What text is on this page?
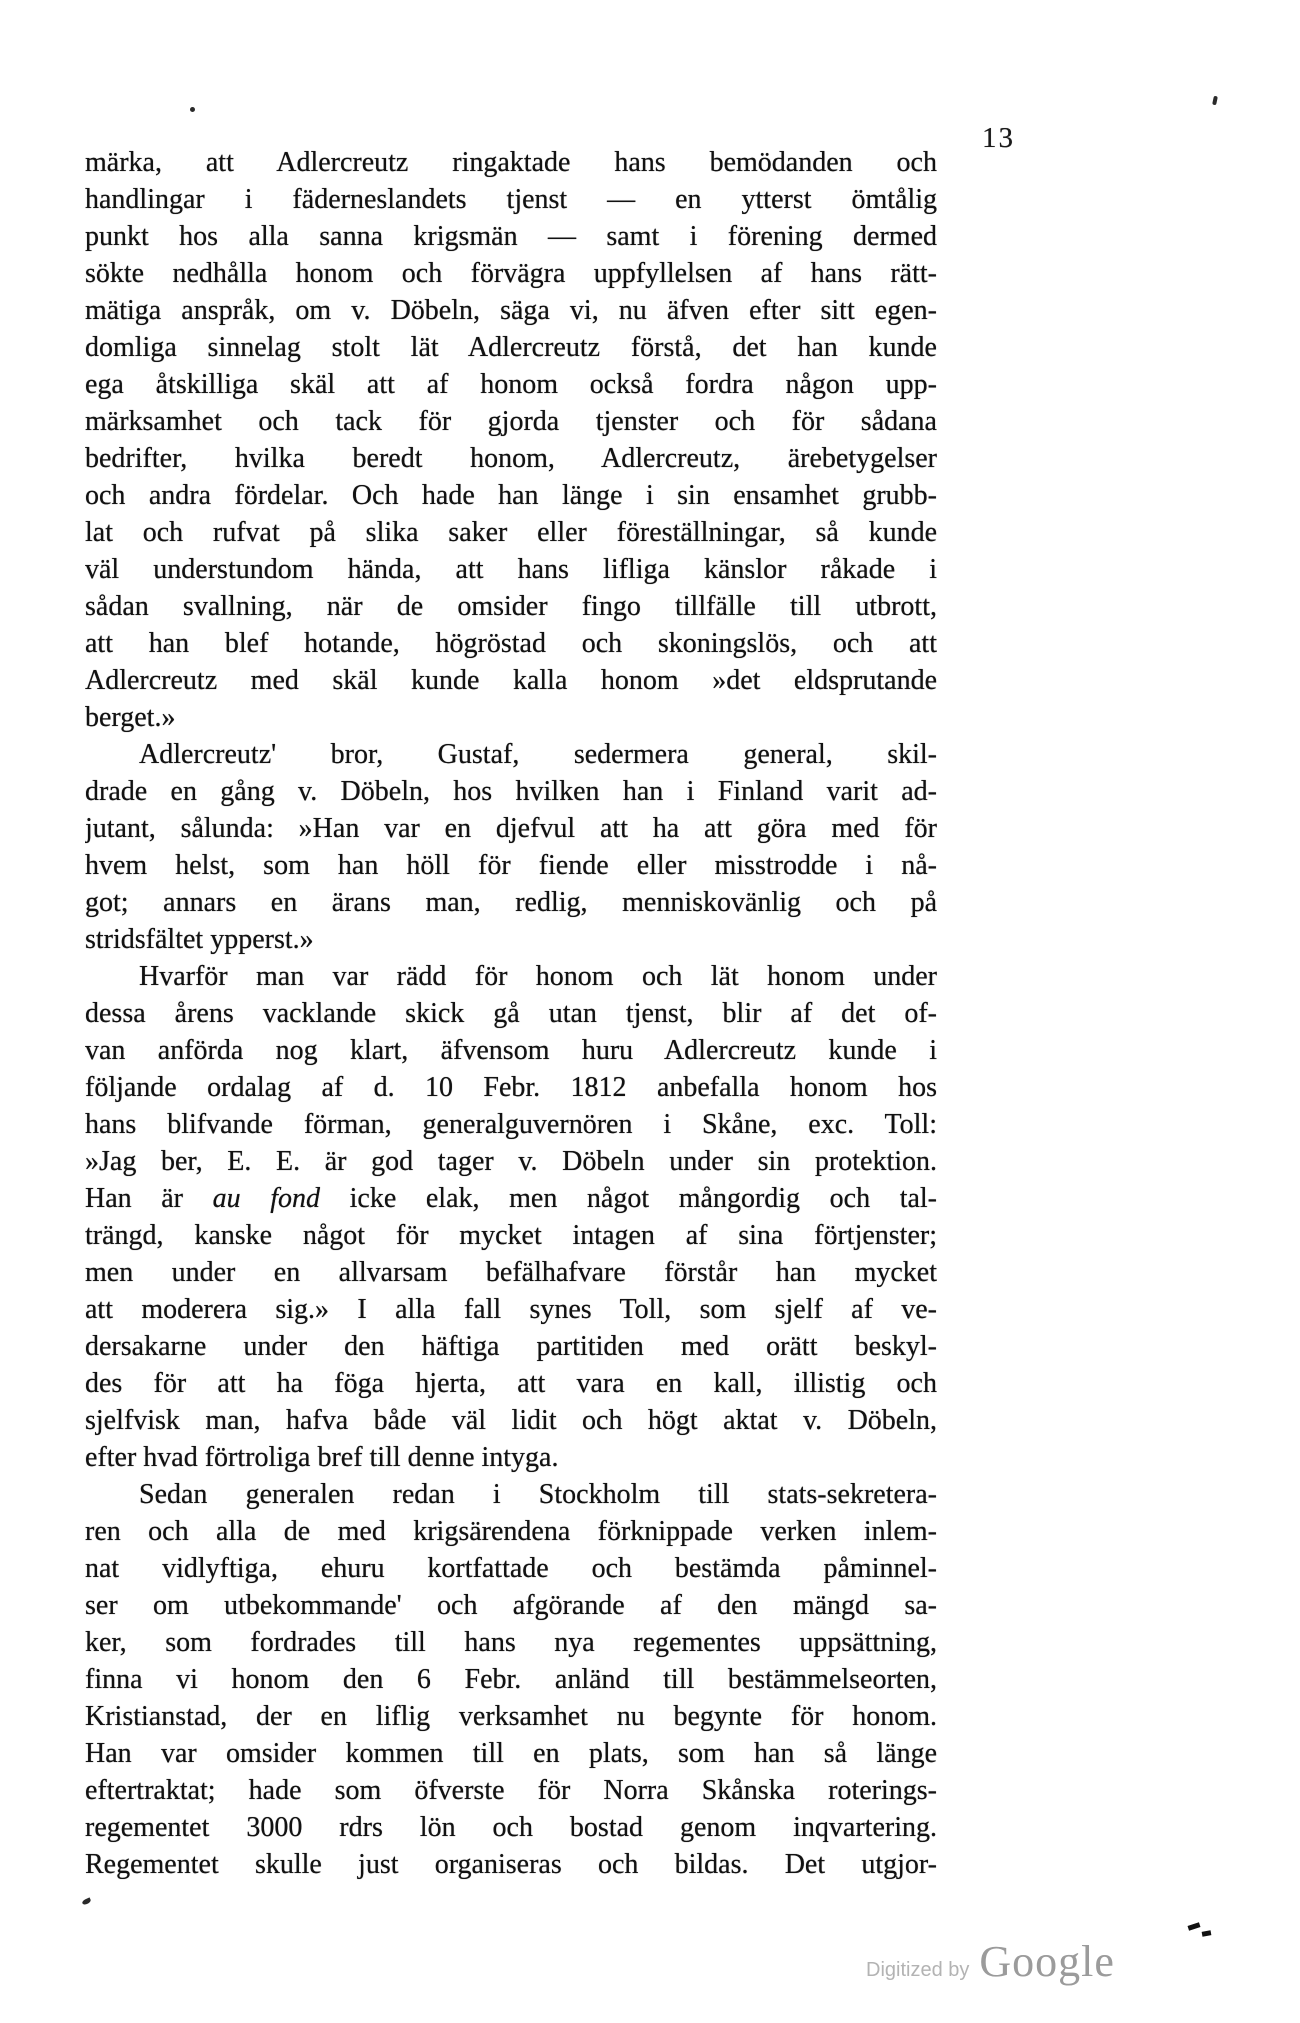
13
märka, att Adlercreutz ringaktade hans bemödanden och
handlingar i fäderneslandets tjenst — en ytterst ömtålig
punkt hos alla sanna krigsmän — samt i förening dermed
sökte nedhålla honom och förvägra uppfyllelsen af hans rätt-
mätiga anspråk, om v. Döbeln, säga vi, nu äfven efter sitt egen-
domliga sinnelag stolt lät Adlercreutz förstå, det han kunde
ega åtskilliga skäl att af honom också fordra någon upp-
märksamhet och tack för gjorda tjenster och för sådana
bedrifter, hvilka beredt honom, Adlercreutz, ärebetygelser
och andra fördelar. Och hade han länge i sin ensamhet grubb-
lat och rufvat på slika saker eller föreställningar, så kunde
väl understundom hända, att hans lifliga känslor råkade i
sådan svallning, när de omsider fingo tillfälle till utbrott,
att han blef hotande, högröstad och skoningslös, och att
Adlercreutz med skäl kunde kalla honom »det eldsprutande
berget.»
Adlercreutz' bror, Gustaf, sedermera general, skil-
drade en gång v. Döbeln, hos hvilken han i Finland varit ad-
jutant, sålunda: »Han var en djefvul att ha att göra med för
hvem helst, som han höll för fiende eller misstrodde i nå-
got; annars en ärans man, redlig, menniskovänlig och på
stridsfältet ypperst.»
Hvarför man var rädd för honom och lät honom under
dessa årens vacklande skick gå utan tjenst, blir af det of-
van anförda nog klart, äfvensom huru Adlercreutz kunde i
följande ordalag af d. 10 Febr. 1812 anbefalla honom hos
hans blifvande förman, generalguvernören i Skåne, exc. Toll:
»Jag ber, E. E. är god tager v. Döbeln under sin protektion.
Han är au fond icke elak, men något mångordig och tal-
trängd, kanske något för mycket intagen af sina förtjenster;
men under en allvarsam befälhafvare förstår han mycket
att moderera sig.» I alla fall synes Toll, som sjelf af ve-
dersakarne under den häftiga partitiden med orätt beskyl-
des för att ha föga hjerta, att vara en kall, illistig och
sjelfvisk man, hafva både väl lidit och högt aktat v. Döbeln,
efter hvad förtroliga bref till denne intyga.
Sedan generalen redan i Stockholm till stats-sekretera-
ren och alla de med krigsärendena förknippade verken inlem-
nat vidlyftiga, ehuru kortfattade och bestämda påminnel-
ser om utbekommande' och afgörande af den mängd sa-
ker, som fordrades till hans nya regementes uppsättning,
finna vi honom den 6 Febr. anländ till bestämmelseorten,
Kristianstad, der en liflig verksamhet nu begynte för honom.
Han var omsider kommen till en plats, som han så länge
eftertraktat; hade som öfverste för Norra Skånska roterings-
regementet 3000 rdrs lön och bostad genom inqvartering.
Regementet skulle just organiseras och bildas. Det utgjor-
Digitized by Google
